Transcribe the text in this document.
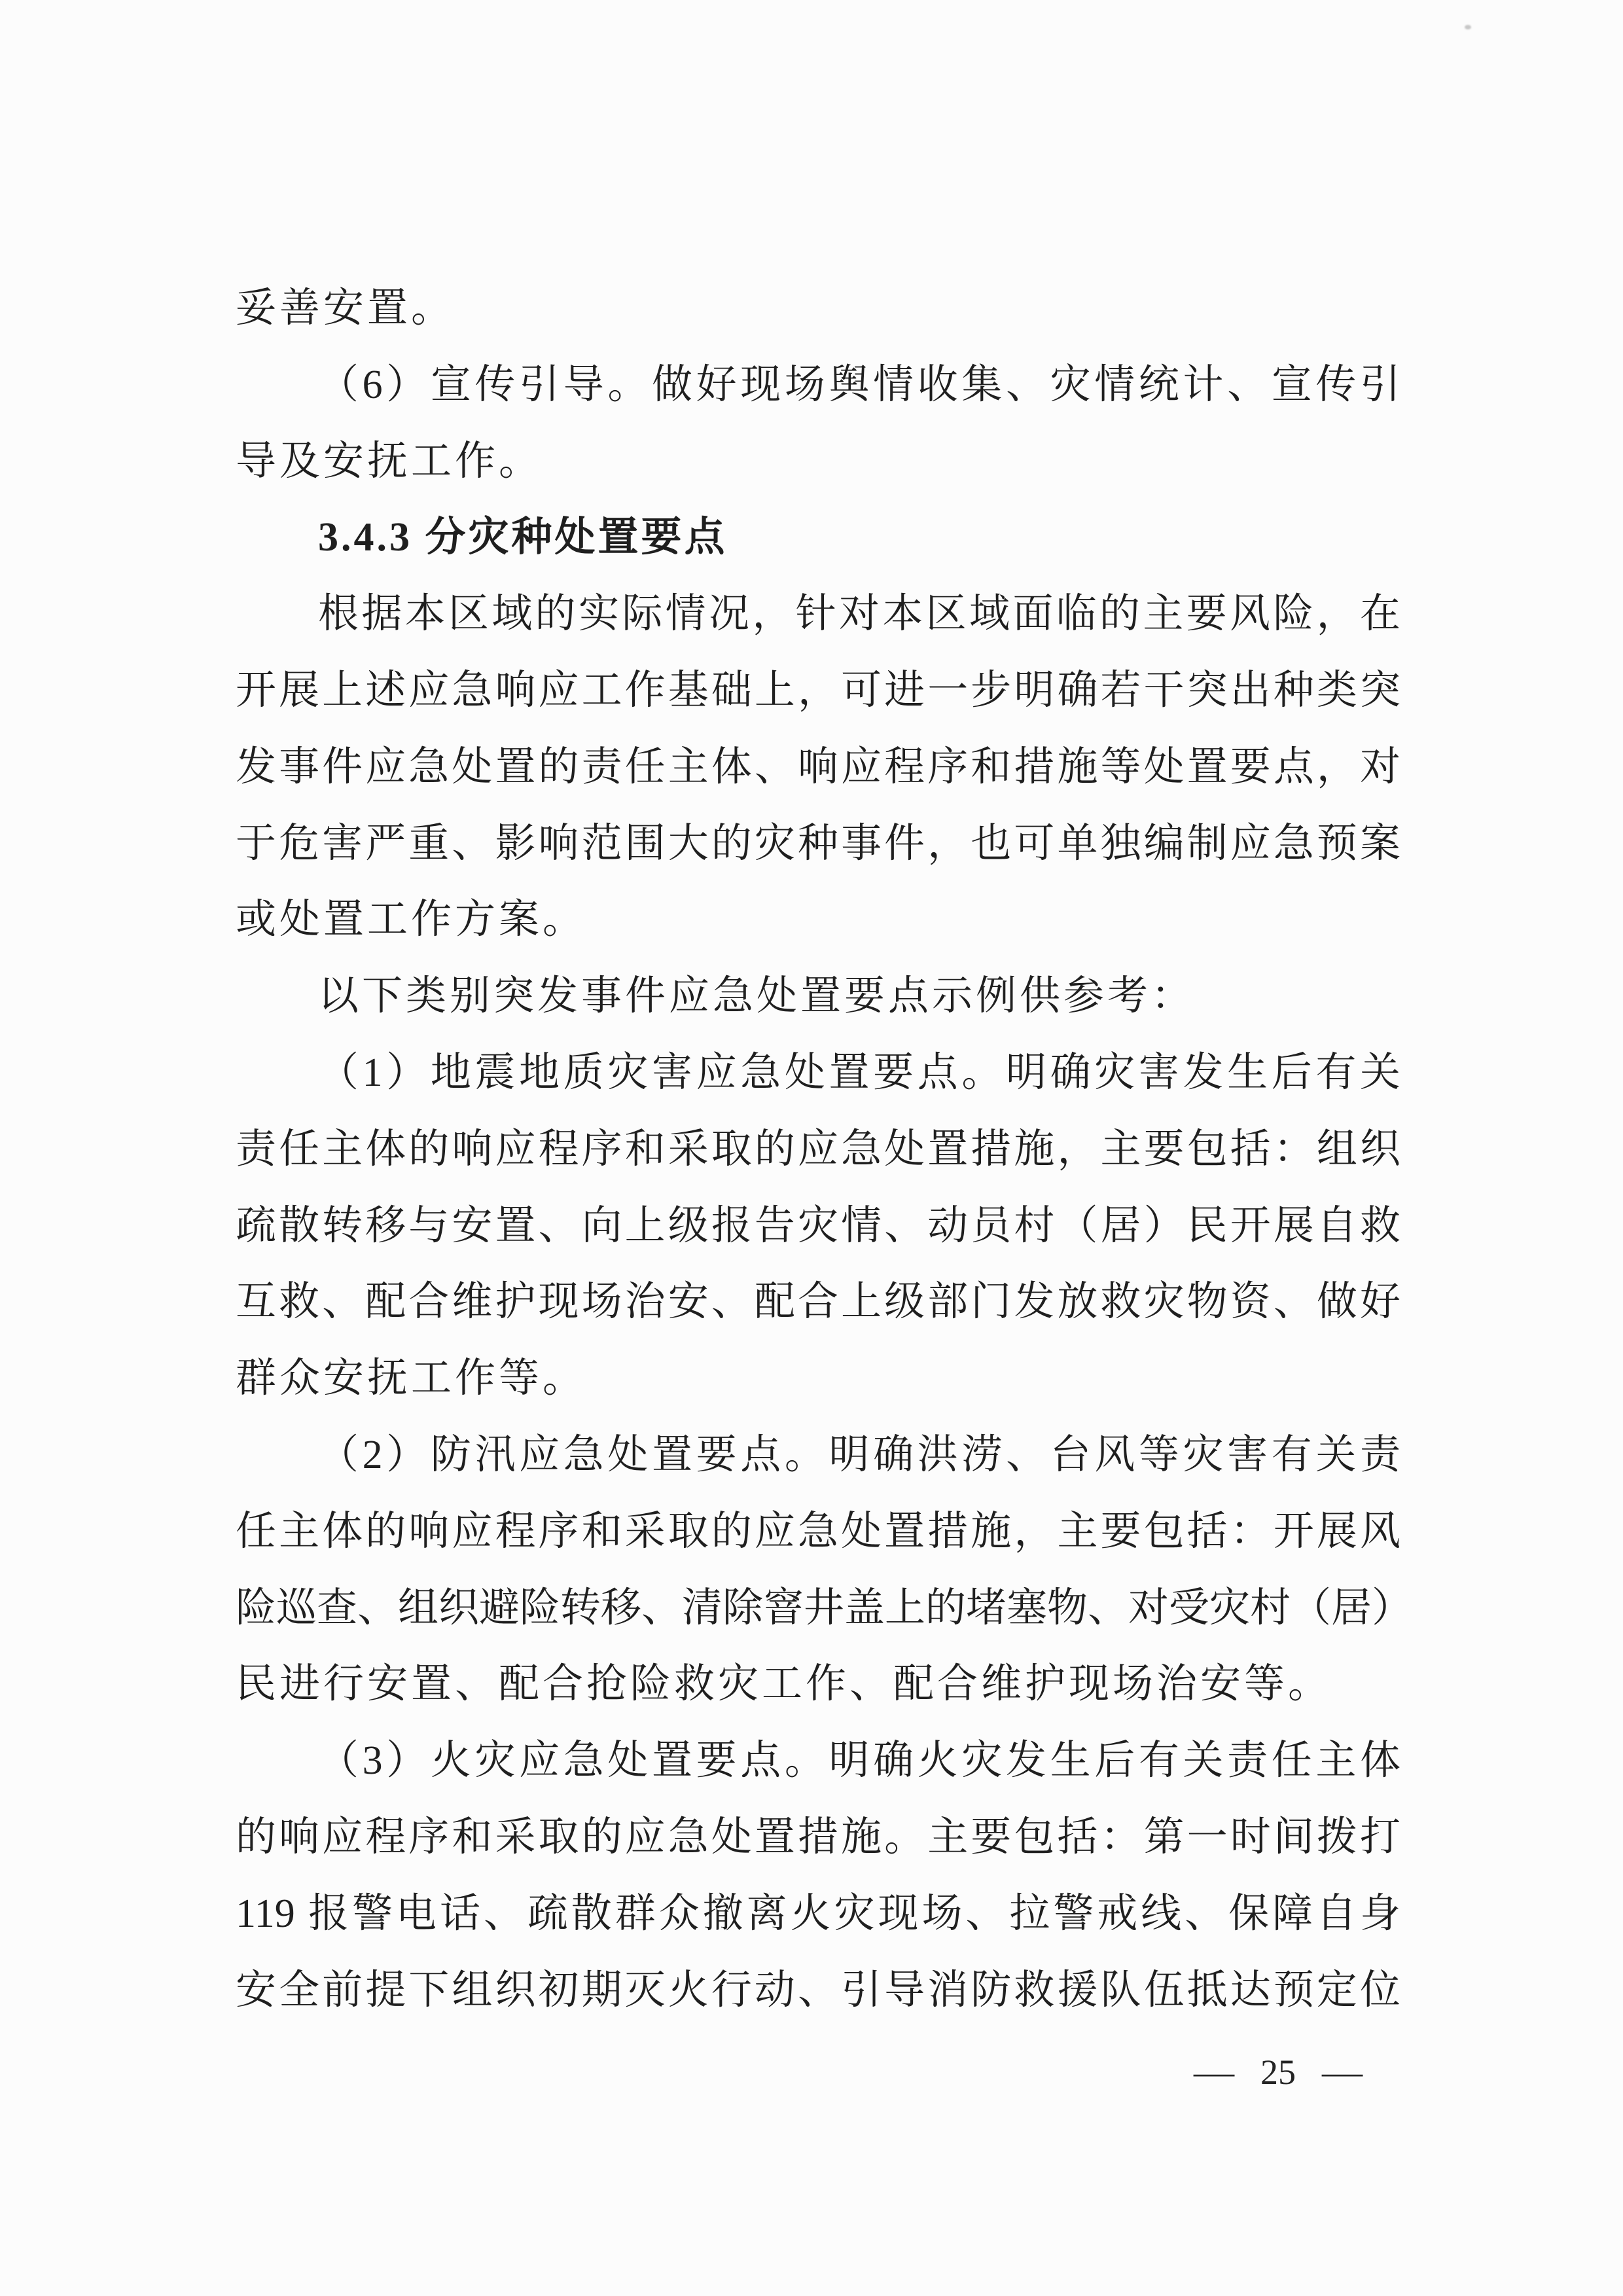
妥善安置。
（6）宣传引导。做好现场舆情收集、灾情统计、宣传引
导及安抚工作。
3.4.3 分灾种处置要点
根据本区域的实际情况，针对本区域面临的主要风险，在
开展上述应急响应工作基础上，可进一步明确若干突出种类突
发事件应急处置的责任主体、响应程序和措施等处置要点，对
于危害严重、影响范围大的灾种事件，也可单独编制应急预案
或处置工作方案。
以下类别突发事件应急处置要点示例供参考：
（1）地震地质灾害应急处置要点。明确灾害发生后有关
责任主体的响应程序和采取的应急处置措施，主要包括：组织
疏散转移与安置、向上级报告灾情、动员村（居）民开展自救
互救、配合维护现场治安、配合上级部门发放救灾物资、做好
群众安抚工作等。
（2）防汛应急处置要点。明确洪涝、台风等灾害有关责
任主体的响应程序和采取的应急处置措施，主要包括：开展风
险巡查、组织避险转移、清除窨井盖上的堵塞物、对受灾村（居）
民进行安置、配合抢险救灾工作、配合维护现场治安等。
（3）火灾应急处置要点。明确火灾发生后有关责任主体
的响应程序和采取的应急处置措施。主要包括：第一时间拨打
119 报警电话、疏散群众撤离火灾现场、拉警戒线、保障自身
安全前提下组织初期灭火行动、引导消防救援队伍抵达预定位
— 25 —
